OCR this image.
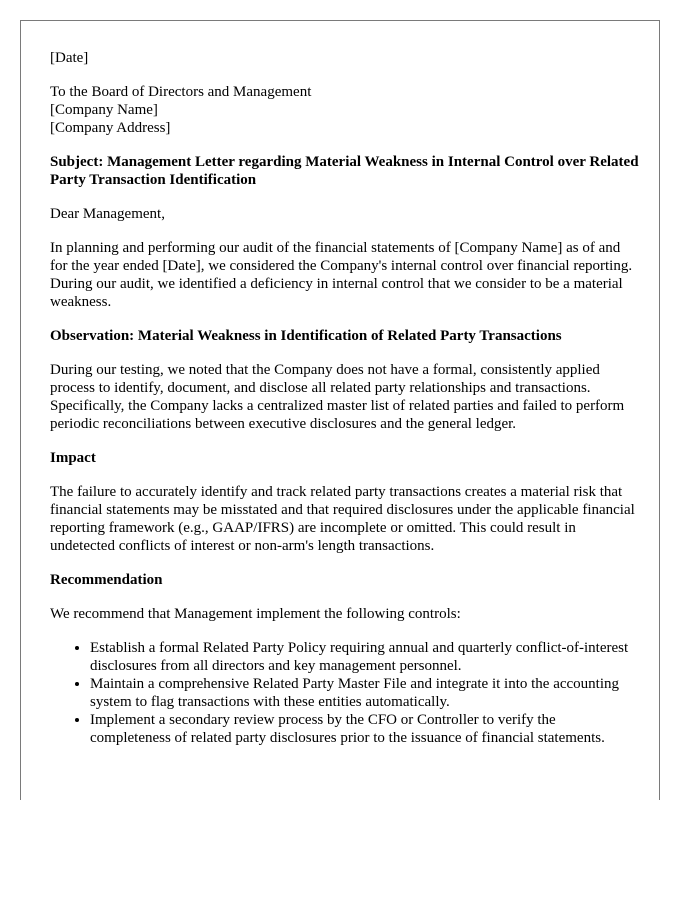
[Date]

To the Board of Directors and Management
[Company Name]
[Company Address]

Subject: Management Letter regarding Material Weakness in Internal Control over Related Party Transaction Identification

Dear Management,

In planning and performing our audit of the financial statements of [Company Name] as of and for the year ended [Date], we considered the Company's internal control over financial reporting. During our audit, we identified a deficiency in internal control that we consider to be a material weakness.

Observation: Material Weakness in Identification of Related Party Transactions

During our testing, we noted that the Company does not have a formal, consistently applied process to identify, document, and disclose all related party relationships and transactions. Specifically, the Company lacks a centralized master list of related parties and failed to perform periodic reconciliations between executive disclosures and the general ledger.

Impact

The failure to accurately identify and track related party transactions creates a material risk that financial statements may be misstated and that required disclosures under the applicable financial reporting framework (e.g., GAAP/IFRS) are incomplete or omitted. This could result in undetected conflicts of interest or non-arm's length transactions.

Recommendation

We recommend that Management implement the following controls:

• Establish a formal Related Party Policy requiring annual and quarterly conflict-of-interest disclosures from all directors and key management personnel.
• Maintain a comprehensive Related Party Master File and integrate it into the accounting system to flag transactions with these entities automatically.
• Implement a secondary review process by the CFO or Controller to verify the completeness of related party disclosures prior to the issuance of financial statements.
